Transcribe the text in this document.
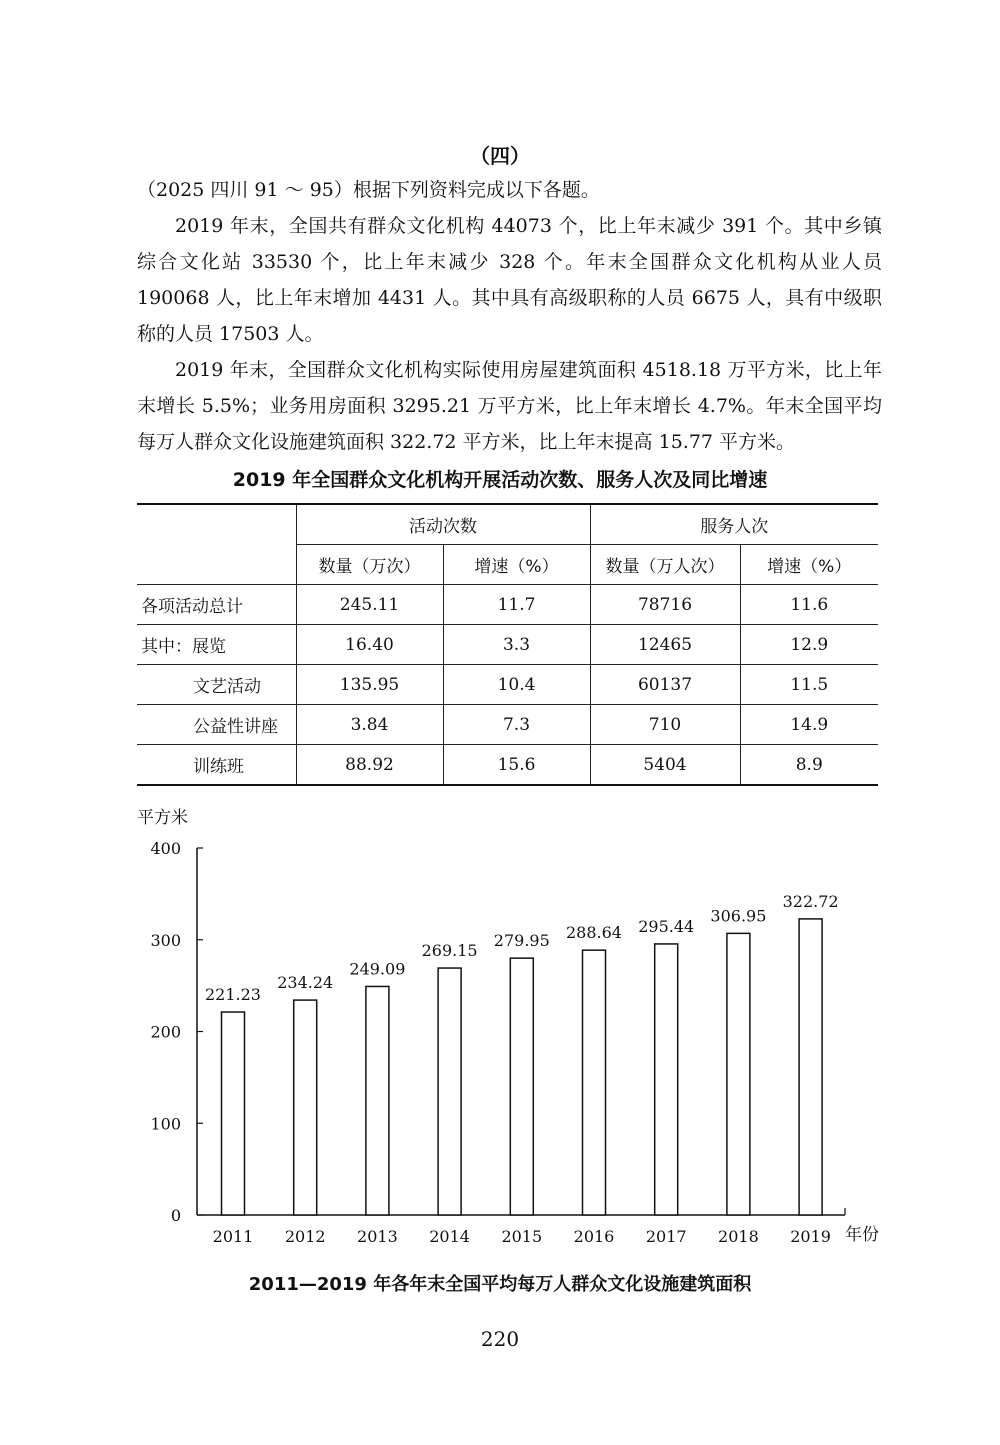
（四）
（2025 四川 91 ～ 95）根据下列资料完成以下各题。
2019 年末，全国共有群众文化机构 44073 个，比上年末减少 391 个。其中乡镇综合文化站 33530 个，比上年末减少 328 个。年末全国群众文化机构从业人员 190068 人，比上年末增加 4431 人。其中具有高级职称的人员 6675 人，具有中级职称的人员 17503 人。
2019 年末，全国群众文化机构实际使用房屋建筑面积 4518.18 万平方米，比上年末增长 5.5%；业务用房面积 3295.21 万平方米，比上年末增长 4.7%。年末全国平均每万人群众文化设施建筑面积 322.72 平方米，比上年末提高 15.77 平方米。
2019 年全国群众文化机构开展活动次数、服务人次及同比增速
	活动次数		服务人次	
	数量（万次）	增速（%）	数量（万人次）	增速（%）
各项活动总计	245.11	11.7	78716	11.6
其中：展览	16.40	3.3	12465	12.9
文艺活动	135.95	10.4	60137	11.5
公益性讲座	3.84	7.3	710	14.9
训练班	88.92	15.6	5404	8.9
0
100
200
300
400
平方米
年份
221.23
2011
234.24
2012
249.09
2013
269.15
2014
279.95
2015
288.64
2016
295.44
2017
306.95
2018
322.72
2019
2011—2019 年各年末全国平均每万人群众文化设施建筑面积
220
